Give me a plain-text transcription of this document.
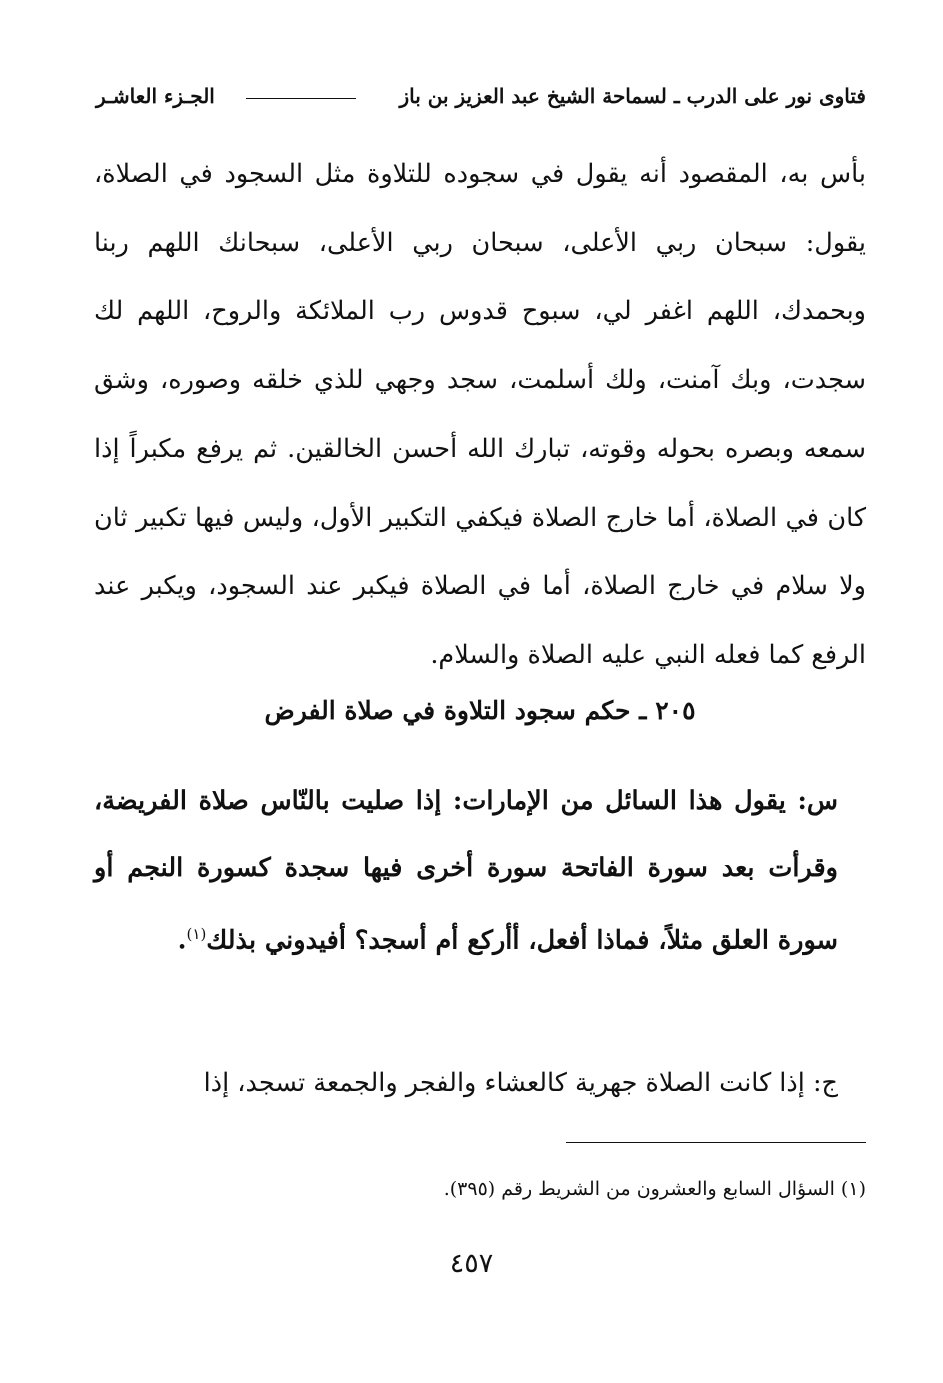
فتاوى نور على الدرب ـ لسماحة الشيخ عبد العزيز بن باز
الجـزء العاشـر

بأس به، المقصود أنه يقول في سجوده للتلاوة مثل السجود في الصلاة، يقول: سبحان ربي الأعلى، سبحان ربي الأعلى، سبحانك اللهم ربنا وبحمدك، اللهم اغفر لي، سبوح قدوس رب الملائكة والروح، اللهم لك سجدت، وبك آمنت، ولك أسلمت، سجد وجهي للذي خلقه وصوره، وشق سمعه وبصره بحوله وقوته، تبارك الله أحسن الخالقين. ثم يرفع مكبراً إذا كان في الصلاة، أما خارج الصلاة فيكفي التكبير الأول، وليس فيها تكبير ثان ولا سلام في خارج الصلاة، أما في الصلاة فيكبر عند السجود، ويكبر عند الرفع كما فعله النبي عليه الصلاة والسلام.

٢٠٥ ـ حكم سجود التلاوة في صلاة الفرض

س: يقول هذا السائل من الإمارات: إذا صليت بالنّاس صلاة الفريضة، وقرأت بعد سورة الفاتحة سورة أخرى فيها سجدة كسورة النجم أو سورة العلق مثلاً، فماذا أفعل، أأركع أم أسجد؟ أفيدوني بذلك$^{(١)}$.

ج: إذا كانت الصلاة جهرية كالعشاء والفجر والجمعة تسجد، إذا
(١) السؤال السابع والعشرون من الشريط رقم (٣٩٥).
٤٥٧
